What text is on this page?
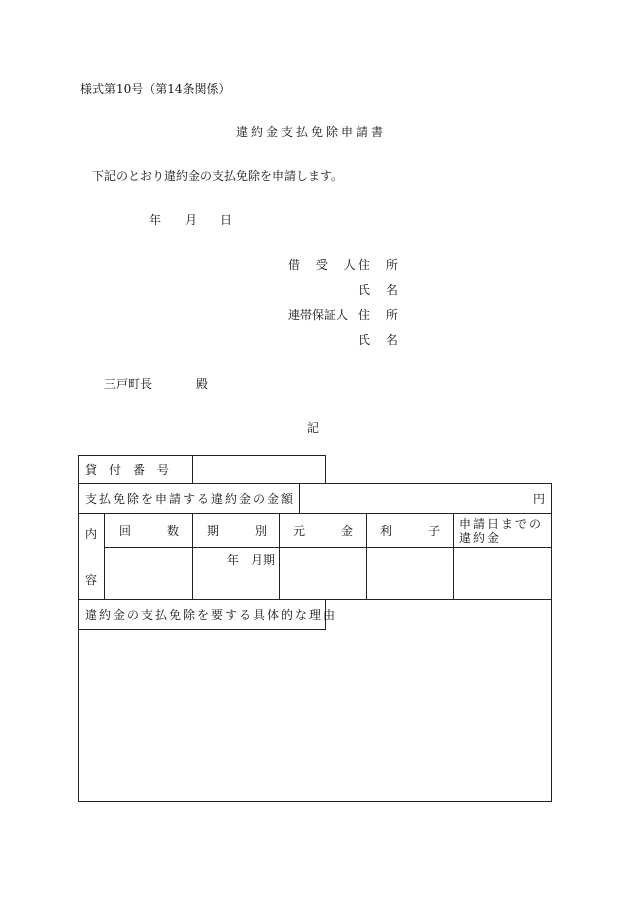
様式第10号（第14条関係）
違約金支払免除申請書
下記のとおり違約金の支払免除を申請します。
年 月 日
借 受 人
住 所
氏 名
連帯保証人 住 所
氏 名
三戸町長	殿
記
貸　付　番　号
支払免除を申請する違約金の金額	円
内
容
回　　　数 期　　　別 元　　　金 利　　　子 申請日までの
違約金
年　月期
違約金の支払免除を要する具体的な理由
